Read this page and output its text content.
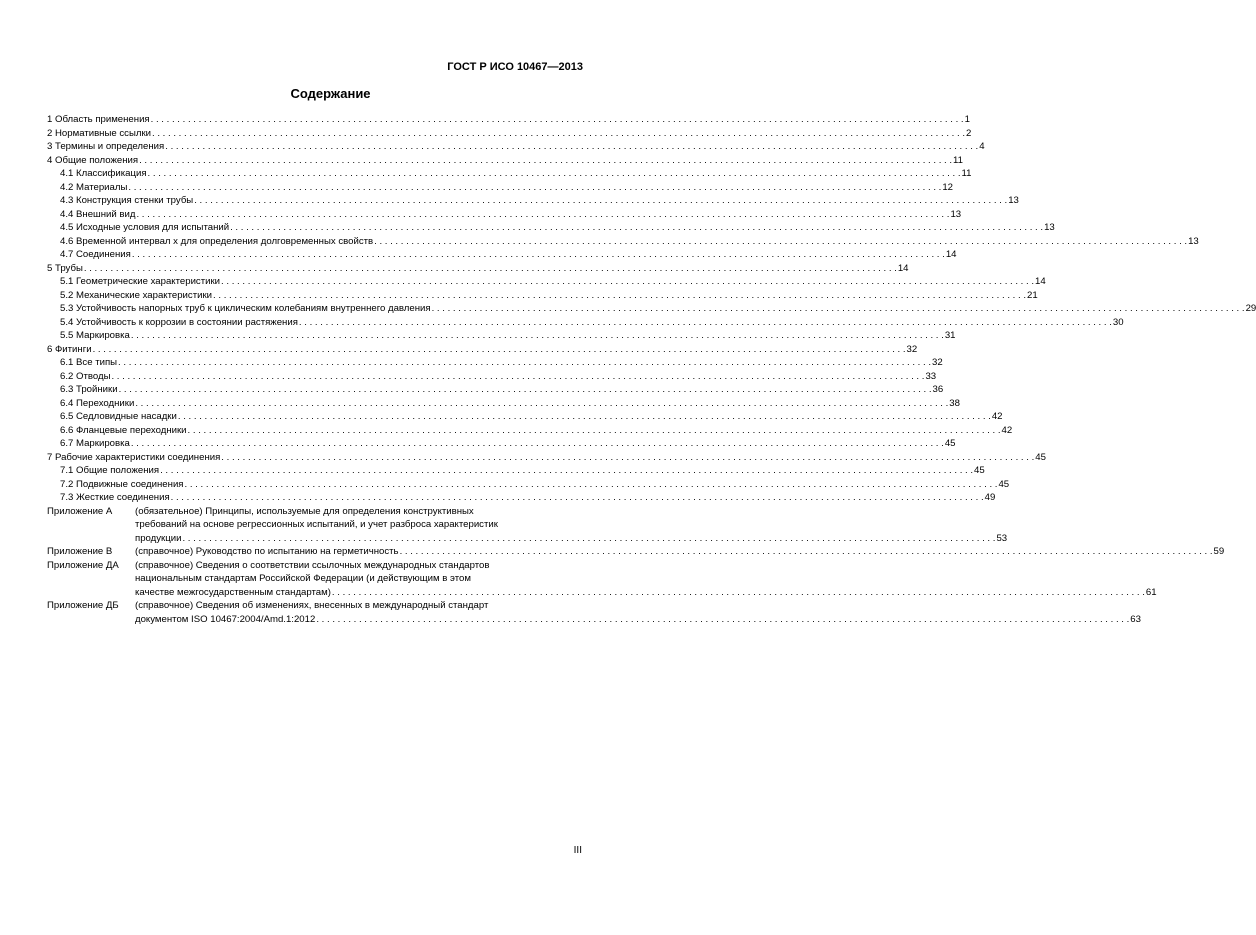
ГОСТ Р ИСО 10467—2013
Содержание
1 Область применения . . .	1
2 Нормативные ссылки . . .	2
3 Термины и определения . . .	4
4 Общие положения . . .	11
4.1 Классификация . . .	11
4.2 Материалы . . .	12
4.3 Конструкция стенки трубы . . .	13
4.4 Внешний вид . . .	13
4.5 Исходные условия для испытаний . . .	13
4.6 Временной интервал x для определения долговременных свойств . . .	13
4.7 Соединения . . .	14
5 Трубы . . .	14
5.1 Геометрические характеристики . . .	14
5.2 Механические характеристики . . .	21
5.3 Устойчивость напорных труб к циклическим колебаниям внутреннего давления . . .	29
5.4 Устойчивость к коррозии в состоянии растяжения . . .	30
5.5 Маркировка . . .	31
6 Фитинги . . .	32
6.1 Все типы . . .	32
6.2 Отводы . . .	33
6.3 Тройники . . .	36
6.4 Переходники . . .	38
6.5 Седловидные насадки . . .	42
6.6 Фланцевые переходники . . .	42
6.7 Маркировка . . .	45
7 Рабочие характеристики соединения . . .	45
7.1 Общие положения . . .	45
7.2 Подвижные соединения . . .	45
7.3 Жесткие соединения . . .	49
Приложение А	(обязательное) Принципы, используемые для определения конструктивных
требований на основе регрессионных испытаний, и учет разброса характеристик
продукции . . .	53
Приложение В	(справочное) Руководство по испытанию на герметичность . . .	59
Приложение ДА	(справочное) Сведения о соответствии ссылочных международных стандартов
национальным стандартам Российской Федерации (и действующим в этом
качестве межгосударственным стандартам) . . .	61
Приложение ДБ	(справочное) Сведения об изменениях, внесенных в международный стандарт
документом ISO 10467:2004/Amd.1:2012 . . .	63
III
